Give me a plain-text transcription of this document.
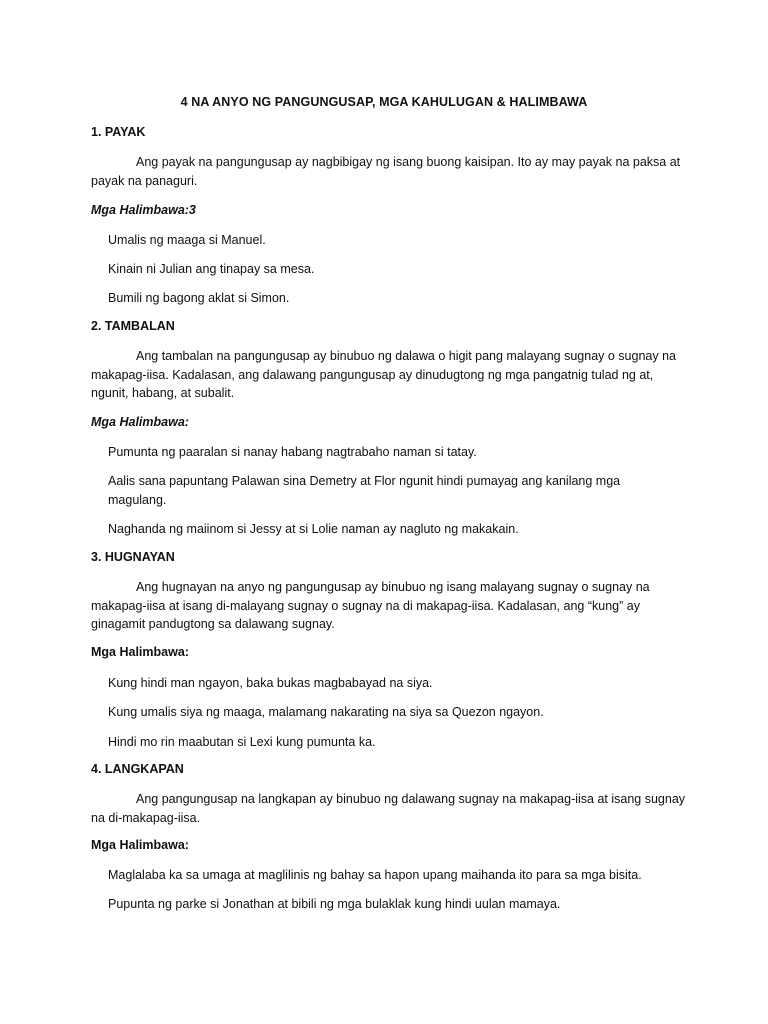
4 NA ANYO NG PANGUNGUSAP, MGA KAHULUGAN & HALIMBAWA
1. PAYAK

Ang payak na pangungusap ay nagbibigay ng isang buong kaisipan. Ito ay may payak na paksa at payak na panaguri.

Mga Halimbawa:3

Umalis ng maaga si Manuel.

Kinain ni Julian ang tinapay sa mesa.

Bumili ng bagong aklat si Simon.

2. TAMBALAN

Ang tambalan na pangungusap ay binubuo ng dalawa o higit pang malayang sugnay o sugnay na makapag-iisa. Kadalasan, ang dalawang pangungusap ay dinudugtong ng mga pangatnig tulad ng at, ngunit, habang, at subalit.

Mga Halimbawa:

Pumunta ng paaralan si nanay habang nagtrabaho naman si tatay.

Aalis sana papuntang Palawan sina Demetry at Flor ngunit hindi pumayag ang kanilang mga magulang.

Naghanda ng maiinom si Jessy at si Lolie naman ay nagluto ng makakain.

3. HUGNAYAN

Ang hugnayan na anyo ng pangungusap ay binubuo ng isang malayang sugnay o sugnay na makapag-iisa at isang di-malayang sugnay o sugnay na di makapag-iisa. Kadalasan, ang “kung” ay ginagamit pandugtong sa dalawang sugnay.

Mga Halimbawa:

Kung hindi man ngayon, baka bukas magbabayad na siya.

Kung umalis siya ng maaga, malamang nakarating na siya sa Quezon ngayon.

Hindi mo rin maabutan si Lexi kung pumunta ka.

4. LANGKAPAN

Ang pangungusap na langkapan ay binubuo ng dalawang sugnay na makapag-iisa at isang sugnay na di-makapag-iisa.

Mga Halimbawa:

Maglalaba ka sa umaga at maglilinis ng bahay sa hapon upang maihanda ito para sa mga bisita.

Pupunta ng parke si Jonathan at bibili ng mga bulaklak kung hindi uulan mamaya.
